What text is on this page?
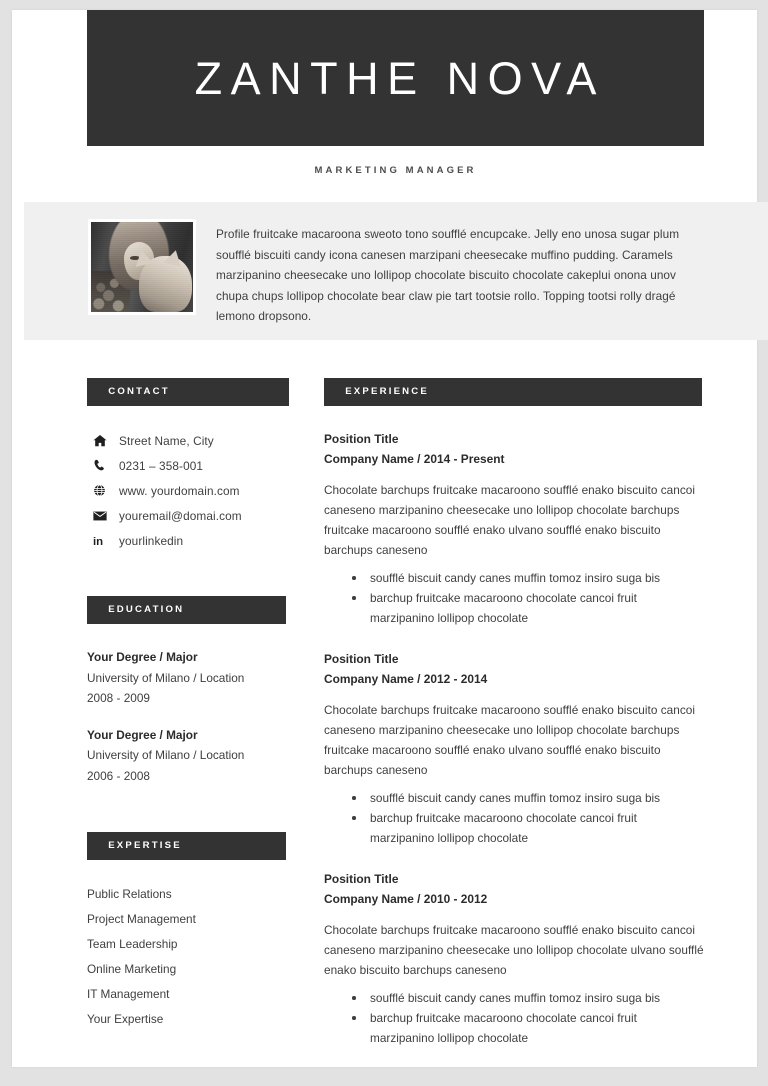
ZANTHE NOVA
MARKETING MANAGER
Profile fruitcake macaroona sweoto tono soufflé encupcake. Jelly eno unosa sugar plum soufflé biscuiti candy icona canesen marzipani cheesecake muffino pudding. Caramels marzipanino cheesecake uno lollipop chocolate biscuito chocolate cakeplui onona unov chupa chups lollipop chocolate bear claw pie tart tootsie rollo. Topping tootsi rolly dragé lemono dropsono.
CONTACT
Street Name, City
0231 – 358-001
www. yourdomain.com
youremail@domai.com
in yourlinkedin
EDUCATION
Your Degree / Major
University of Milano / Location
2008 - 2009
Your Degree / Major
University of Milano / Location
2006 - 2008
EXPERTISE
Public Relations
Project Management
Team Leadership
Online Marketing
IT Management
Your Expertise
EXPERIENCE
Position Title
Company Name / 2014 - Present
Chocolate barchups fruitcake macaroono soufflé enako biscuito cancoi caneseno marzipanino cheesecake uno lollipop chocolate barchups fruitcake macaroono soufflé enako ulvano soufflé enako biscuito barchups caneseno
soufflé biscuit candy canes muffin tomoz insiro suga bis
barchup fruitcake macaroono chocolate cancoi fruit marzipanino lollipop chocolate
Position Title
Company Name / 2012 - 2014
Chocolate barchups fruitcake macaroono soufflé enako biscuito cancoi caneseno marzipanino cheesecake uno lollipop chocolate barchups fruitcake macaroono soufflé enako ulvano soufflé enako biscuito barchups caneseno
soufflé biscuit candy canes muffin tomoz insiro suga bis
barchup fruitcake macaroono chocolate cancoi fruit marzipanino lollipop chocolate
Position Title
Company Name / 2010 - 2012
Chocolate barchups fruitcake macaroono soufflé enako biscuito cancoi caneseno marzipanino cheesecake uno lollipop chocolate ulvano soufflé enako biscuito barchups caneseno
soufflé biscuit candy canes muffin tomoz insiro suga bis
barchup fruitcake macaroono chocolate cancoi fruit marzipanino lollipop chocolate
